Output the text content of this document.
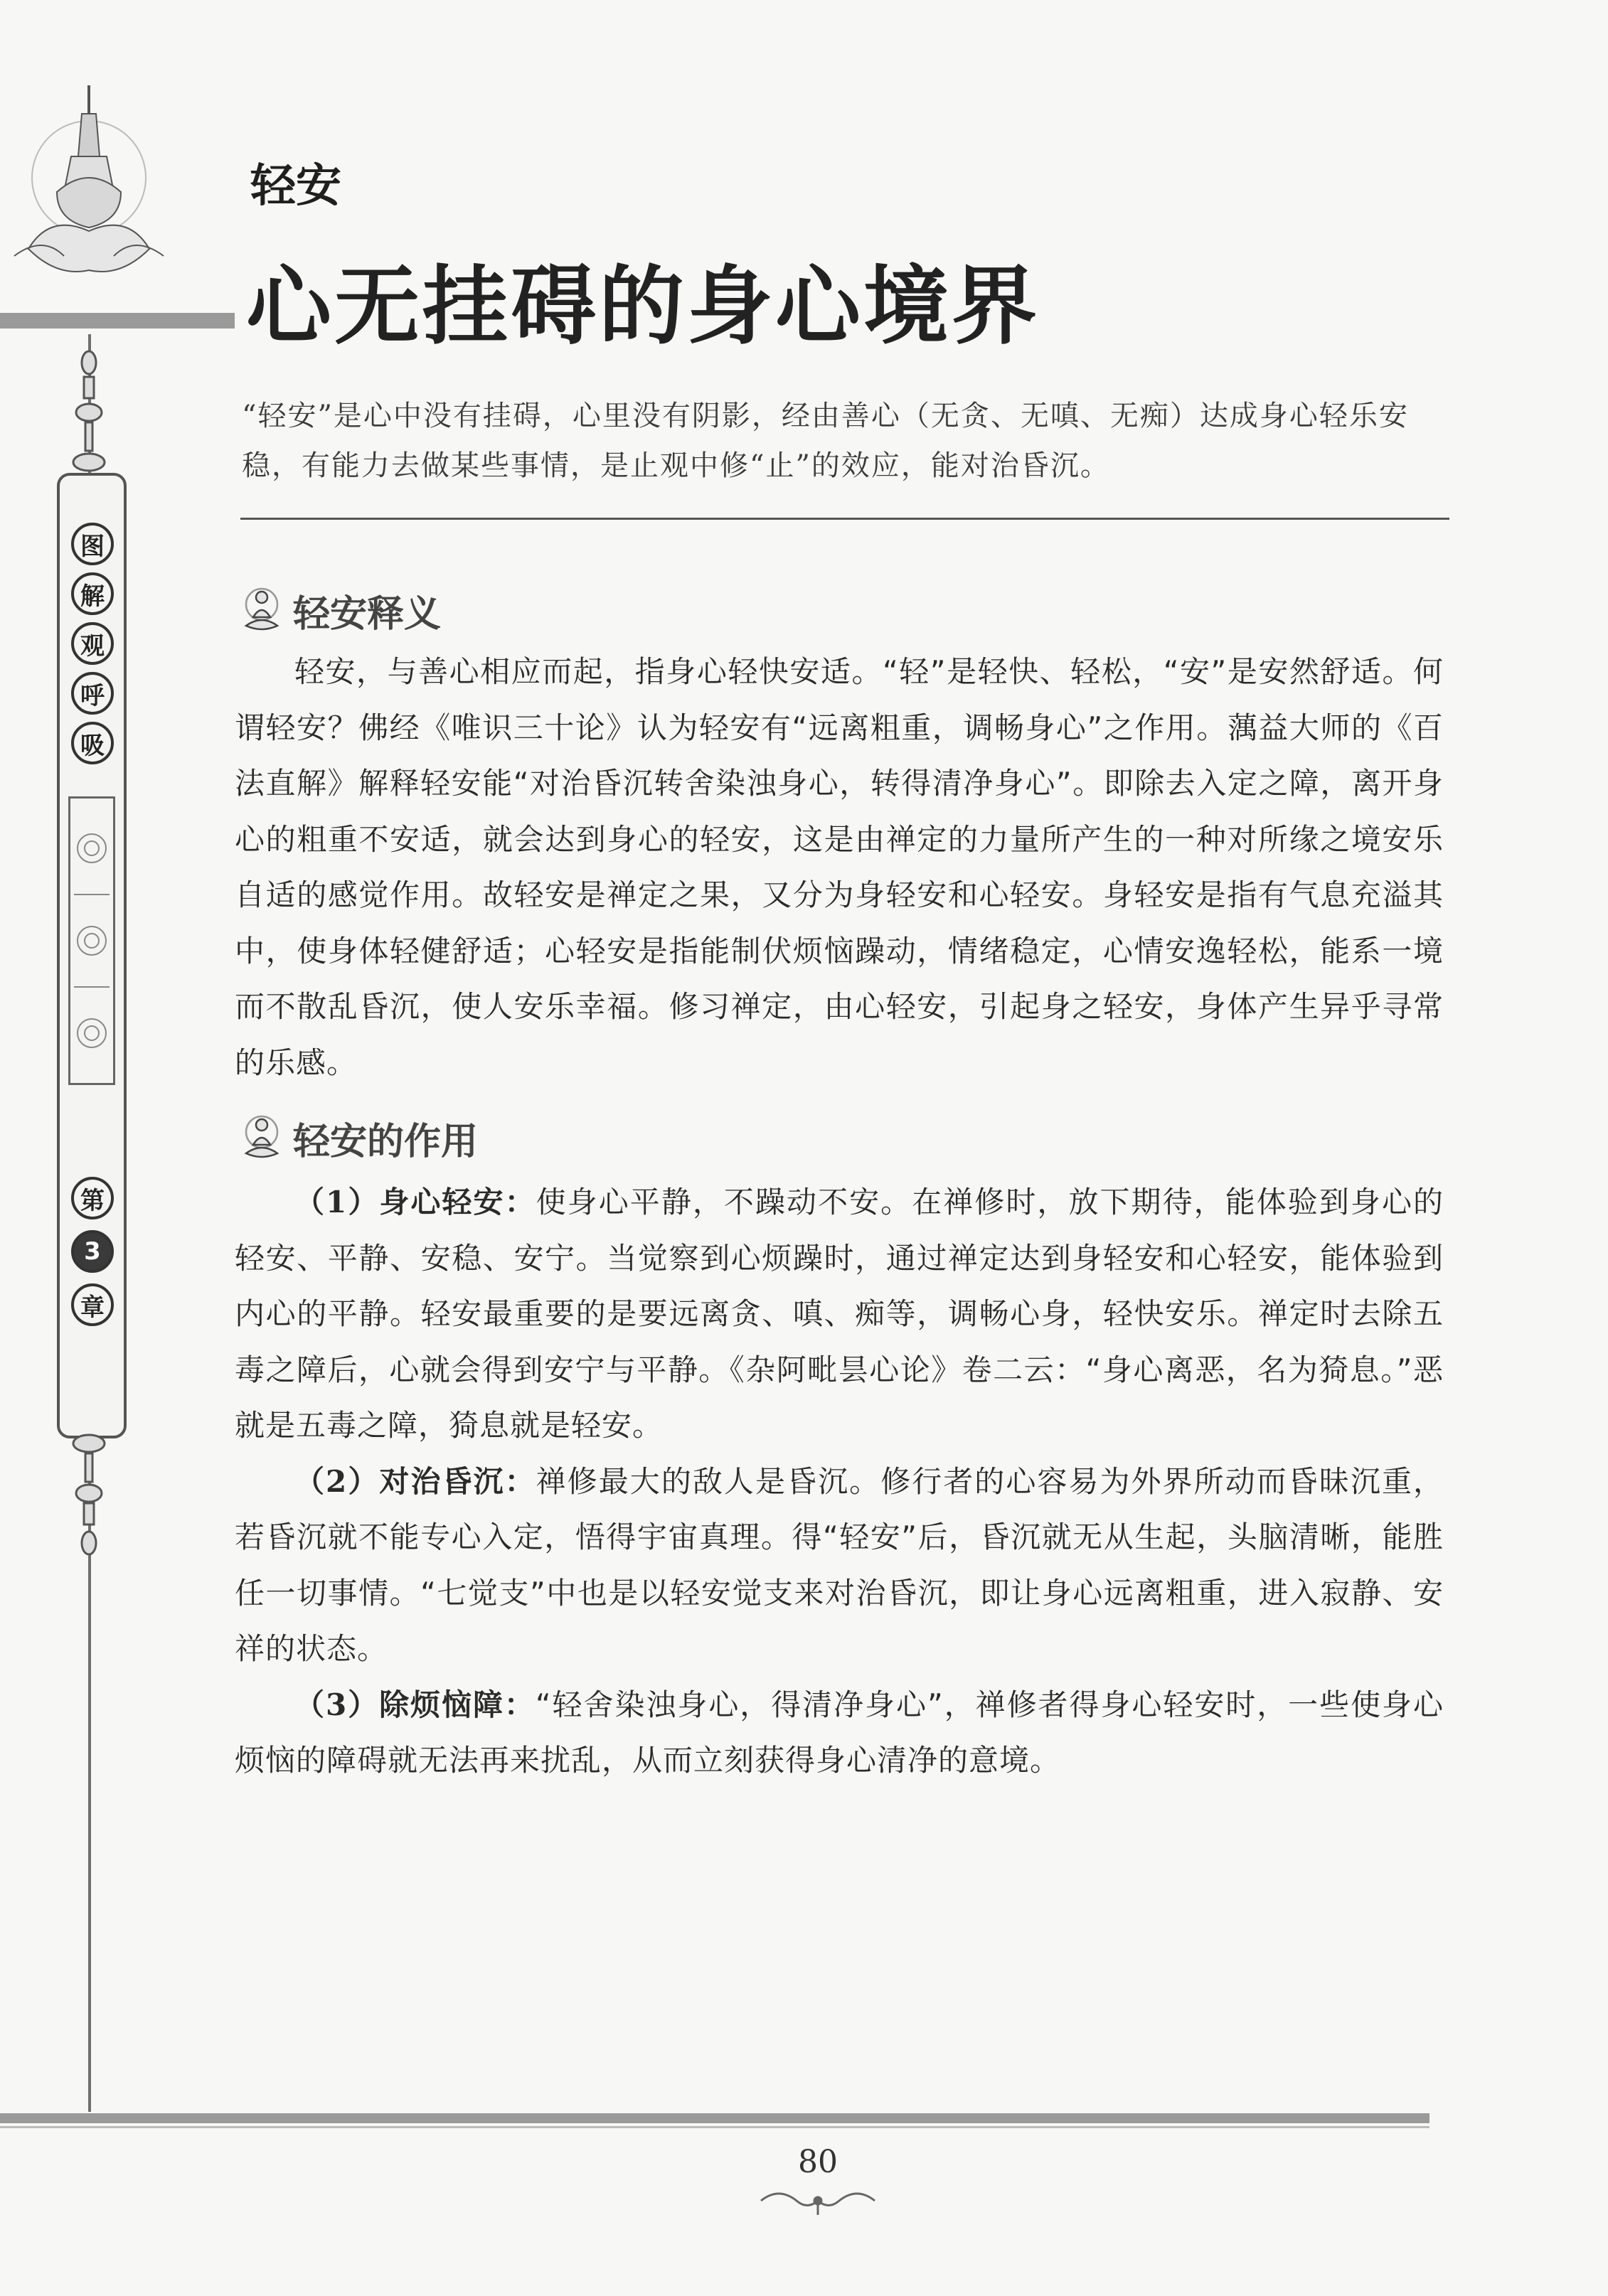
图
解
观
呼
吸
第
3
章
轻安
心无挂碍的身心境界
“轻安”是心中没有挂碍，心里没有阴影，经由善心（无贪、无嗔、无痴）达成身心轻乐安稳，有能力去做某些事情，是止观中修“止”的效应，能对治昏沉。
轻安释义

轻安，与善心相应而起，指身心轻快安适。“轻”是轻快、轻松，“安”是安然舒适。何谓轻安？佛经《唯识三十论》认为轻安有“远离粗重，调畅身心”之作用。蕅益大师的《百法直解》解释轻安能“对治昏沉转舍染浊身心，转得清净身心”。即除去入定之障，离开身心的粗重不安适，就会达到身心的轻安，这是由禅定的力量所产生的一种对所缘之境安乐自适的感觉作用。故轻安是禅定之果，又分为身轻安和心轻安。身轻安是指有气息充溢其中，使身体轻健舒适；心轻安是指能制伏烦恼躁动，情绪稳定，心情安逸轻松，能系一境而不散乱昏沉，使人安乐幸福。修习禅定，由心轻安，引起身之轻安，身体产生异乎寻常的乐感。

轻安的作用

（1）身心轻安：使身心平静，不躁动不安。在禅修时，放下期待，能体验到身心的轻安、平静、安稳、安宁。当觉察到心烦躁时，通过禅定达到身轻安和心轻安，能体验到内心的平静。轻安最重要的是要远离贪、嗔、痴等，调畅心身，轻快安乐。禅定时去除五毒之障后，心就会得到安宁与平静。《杂阿毗昙心论》卷二云：“身心离恶，名为猗息。”恶就是五毒之障，猗息就是轻安。

（2）对治昏沉：禅修最大的敌人是昏沉。修行者的心容易为外界所动而昏昧沉重，若昏沉就不能专心入定，悟得宇宙真理。得“轻安”后，昏沉就无从生起，头脑清晰，能胜任一切事情。“七觉支”中也是以轻安觉支来对治昏沉，即让身心远离粗重，进入寂静、安祥的状态。

（3）除烦恼障：“轻舍染浊身心，得清净身心”，禅修者得身心轻安时，一些使身心烦恼的障碍就无法再来扰乱，从而立刻获得身心清净的意境。

80
